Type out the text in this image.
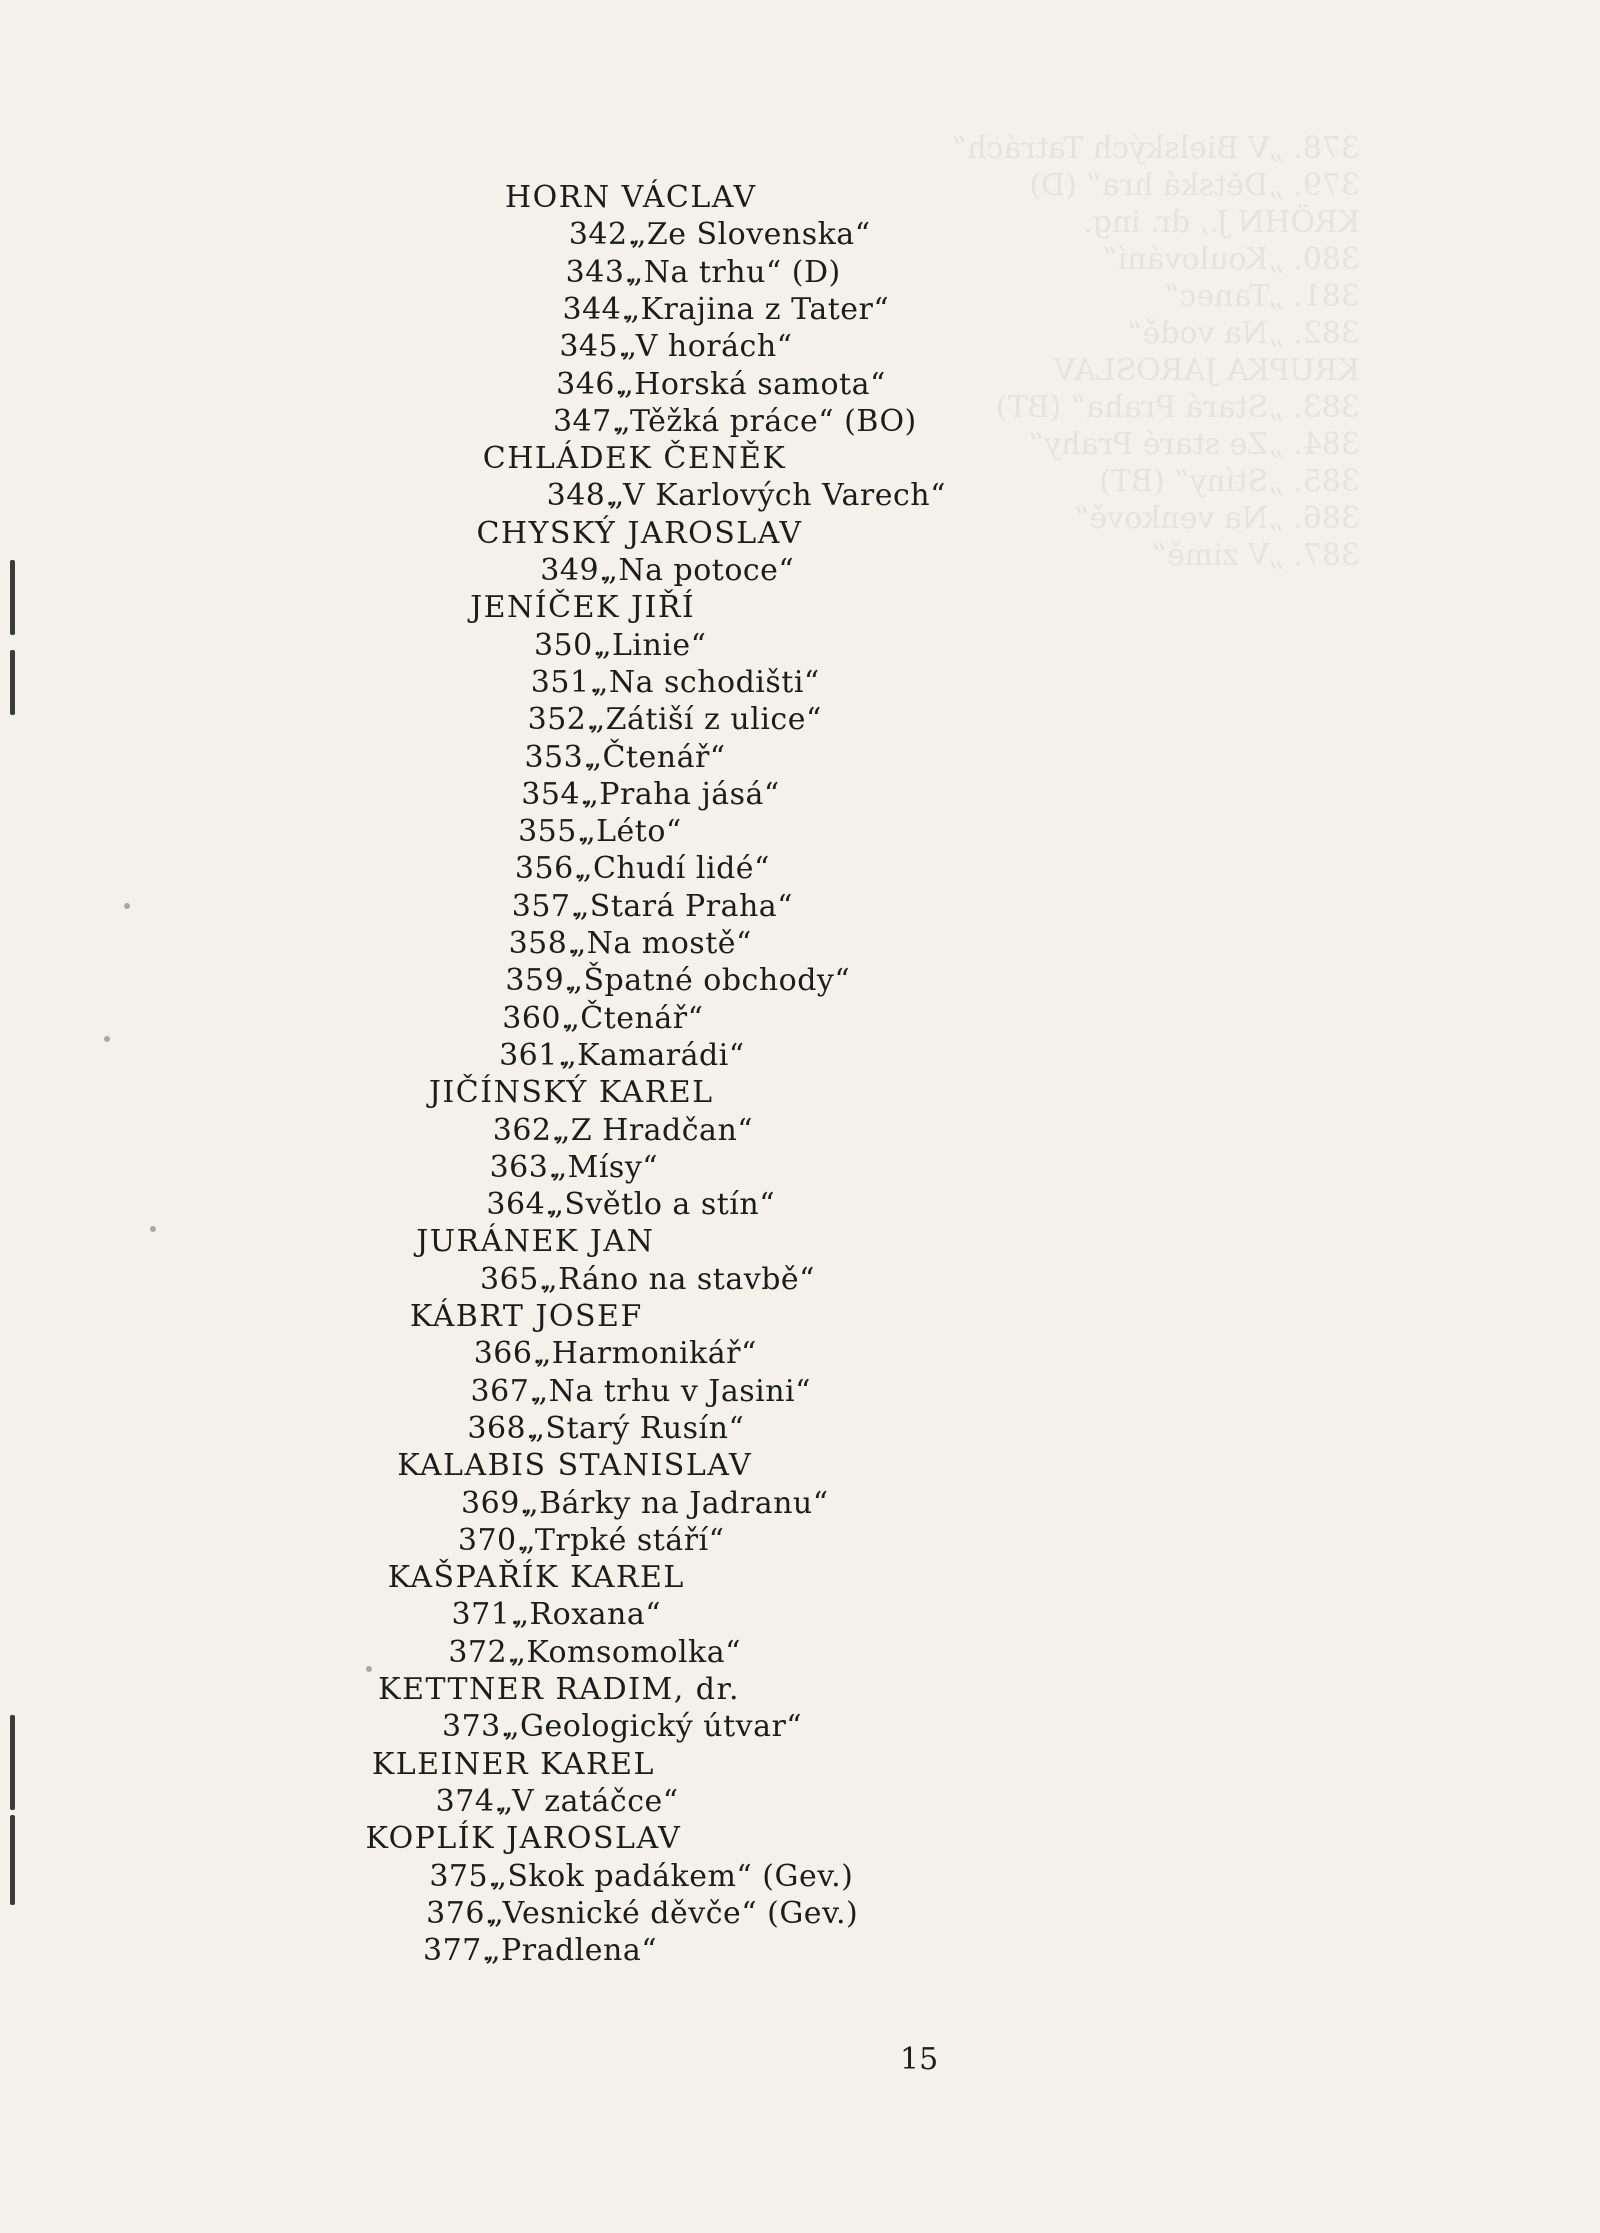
378. „V Bielských Tatrách“
379. „Dětská hra“ (D)
KRÖHN J., dr. ing.
380. „Koulování“
381. „Tanec“
382. „Na vodě“
KRUPKA JAROSLAV
383. „Stará Praha“ (BT)
384. „Ze staré Prahy“
385. „Stíny“ (BT)
386. „Na venkově“
387. „V zimě“
HORN VÁCLAV
342.„Ze Slovenska“
343.„Na trhu“ (D)
344.„Krajina z Tater“
345.„V horách“
346.„Horská samota“
347.„Těžká práce“ (BO)
CHLÁDEK ČENĚK
348.„V Karlových Varech“
CHYSKÝ JAROSLAV
349.„Na potoce“
JENÍČEK JIŘÍ
350.„Linie“
351.„Na schodišti“
352.„Zátiší z ulice“
353.„Čtenář“
354.„Praha jásá“
355.„Léto“
356.„Chudí lidé“
357.„Stará Praha“
358.„Na mostě“
359.„Špatné obchody“
360.„Čtenář“
361.„Kamarádi“
JIČÍNSKÝ KAREL
362.„Z Hradčan“
363.„Mísy“
364.„Světlo a stín“
JURÁNEK JAN
365.„Ráno na stavbě“
KÁBRT JOSEF
366.„Harmonikář“
367.„Na trhu v Jasini“
368.„Starý Rusín“
KALABIS STANISLAV
369.„Bárky na Jadranu“
370.„Trpké stáří“
KAŠPAŘÍK KAREL
371.„Roxana“
372.„Komsomolka“
KETTNER RADIM, dr.
373.„Geologický útvar“
KLEINER KAREL
374.„V zatáčce“
KOPLÍK JAROSLAV
375.„Skok padákem“ (Gev.)
376.„Vesnické děvče“ (Gev.)
377.„Pradlena“
15
